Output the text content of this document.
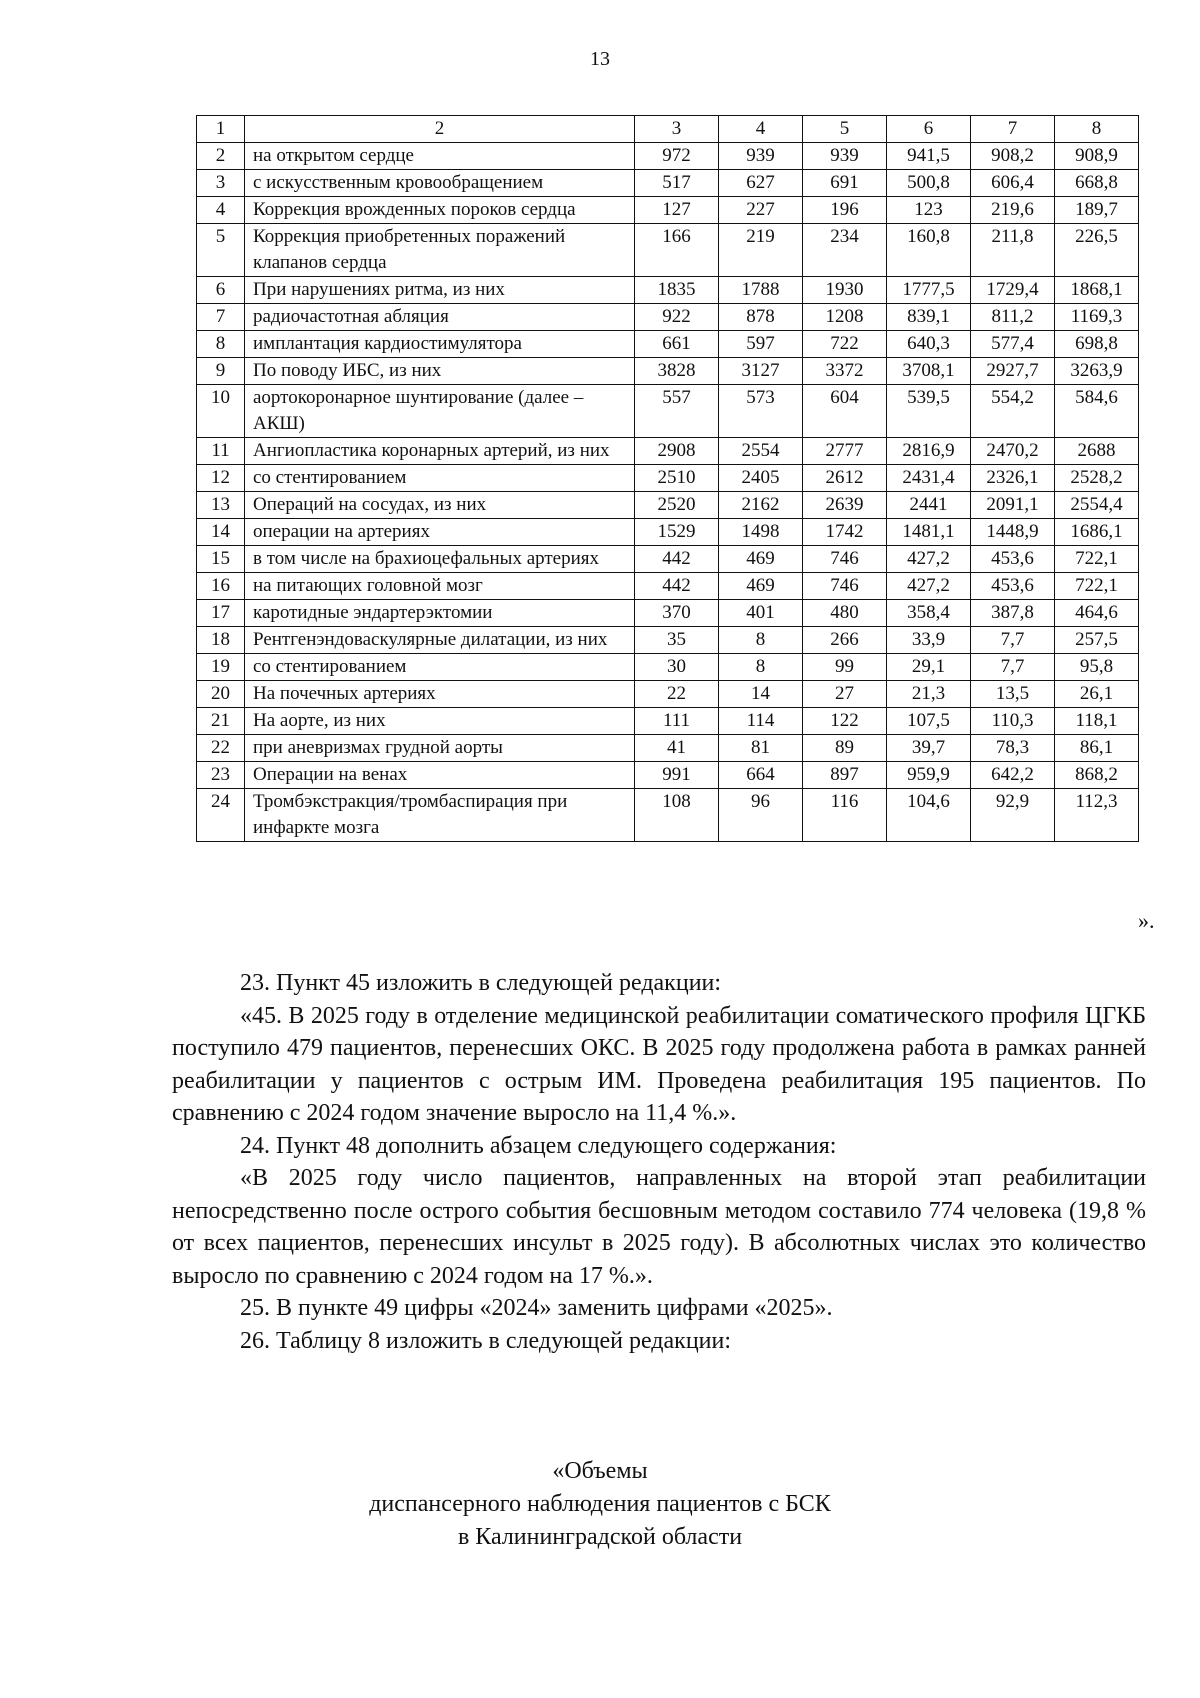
13
1	2	3	4	5	6	7	8
2	на открытом сердце	972	939	939	941,5	908,2	908,9
3	с искусственным кровообращением	517	627	691	500,8	606,4	668,8
4	Коррекция врожденных пороков сердца	127	227	196	123	219,6	189,7
5	Коррекция приобретенных поражений клапанов сердца	166	219	234	160,8	211,8	226,5
6	При нарушениях ритма, из них	1835	1788	1930	1777,5	1729,4	1868,1
7	радиочастотная абляция	922	878	1208	839,1	811,2	1169,3
8	имплантация кардиостимулятора	661	597	722	640,3	577,4	698,8
9	По поводу ИБС, из них	3828	3127	3372	3708,1	2927,7	3263,9
10	аортокоронарное шунтирование (далее – АКШ)	557	573	604	539,5	554,2	584,6
11	Ангиопластика коронарных артерий, из них	2908	2554	2777	2816,9	2470,2	2688
12	со стентированием	2510	2405	2612	2431,4	2326,1	2528,2
13	Операций на сосудах, из них	2520	2162	2639	2441	2091,1	2554,4
14	операции на артериях	1529	1498	1742	1481,1	1448,9	1686,1
15	в том числе на брахиоцефальных артериях	442	469	746	427,2	453,6	722,1
16	на питающих головной мозг	442	469	746	427,2	453,6	722,1
17	каротидные эндартерэктомии	370	401	480	358,4	387,8	464,6
18	Рентгенэндоваскулярные дилатации, из них	35	8	266	33,9	7,7	257,5
19	со стентированием	30	8	99	29,1	7,7	95,8
20	На почечных артериях	22	14	27	21,3	13,5	26,1
21	На аорте, из них	111	114	122	107,5	110,3	118,1
22	при аневризмах грудной аорты	41	81	89	39,7	78,3	86,1
23	Операции на венах	991	664	897	959,9	642,2	868,2
24	Тромбэкстракция/тромбаспирация при инфаркте мозга	108	96	116	104,6	92,9	112,3
».

23. Пункт 45 изложить в следующей редакции:

«45. В 2025 году в отделение медицинской реабилитации соматического профиля ЦГКБ поступило 479 пациентов, перенесших ОКС. В 2025 году продолжена работа в рамках ранней реабилитации у пациентов с острым ИМ. Проведена реабилитация 195 пациентов. По сравнению с 2024 годом значение выросло на 11,4 %.».

24. Пункт 48 дополнить абзацем следующего содержания:

«В 2025 году число пациентов, направленных на второй этап реабилитации непосредственно после острого события бесшовным методом составило 774 человека (19,8 % от всех пациентов, перенесших инсульт в 2025 году). В абсолютных числах это количество выросло по сравнению с 2024 годом на 17 %.».

25. В пункте 49 цифры «2024» заменить цифрами «2025».

26. Таблицу 8 изложить в следующей редакции:

«Объемы
диспансерного наблюдения пациентов с БСК
в Калининградской области
